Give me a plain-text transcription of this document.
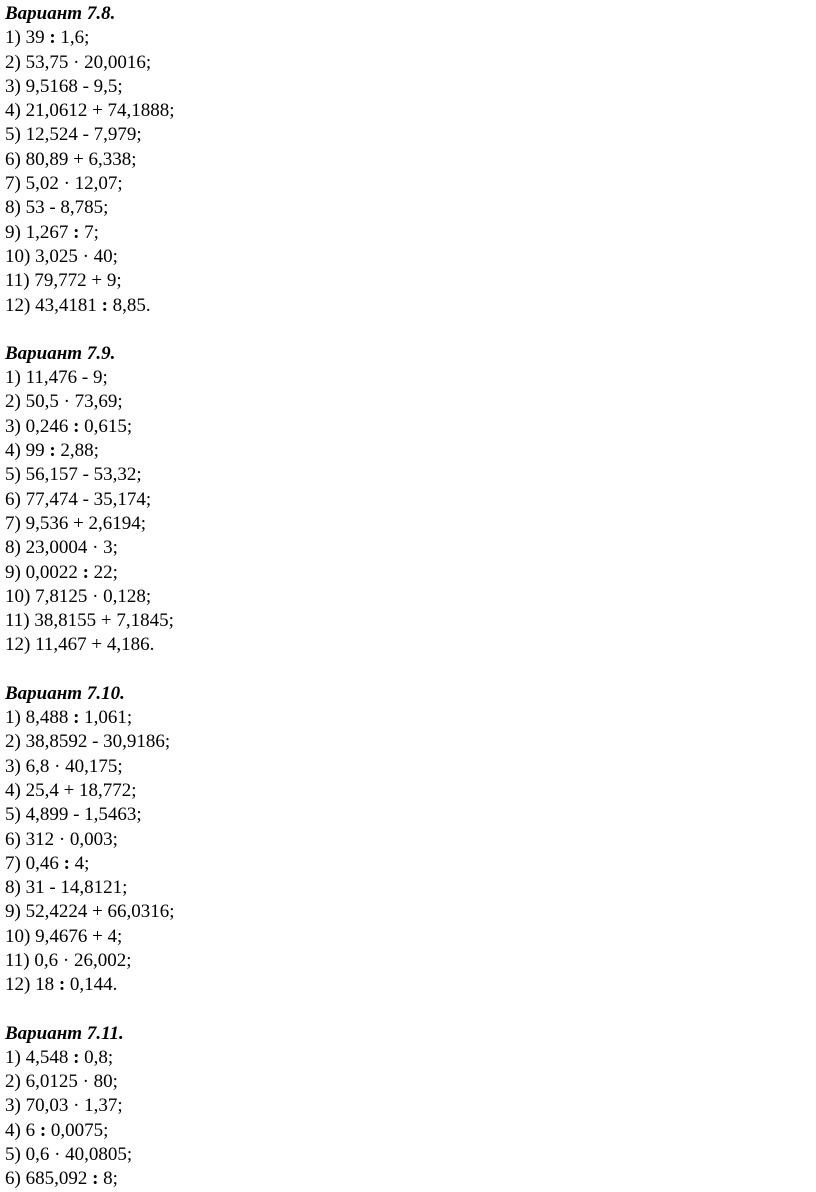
Вариант 7.8.
1) 39 : 1,6;
2) 53,75 · 20,0016;
3) 9,5168 - 9,5;
4) 21,0612 + 74,1888;
5) 12,524 - 7,979;
6) 80,89 + 6,338;
7) 5,02 · 12,07;
8) 53 - 8,785;
9) 1,267 : 7;
10) 3,025 · 40;
11) 79,772 + 9;
12) 43,4181 : 8,85.
Вариант 7.9.
1) 11,476 - 9;
2) 50,5 · 73,69;
3) 0,246 : 0,615;
4) 99 : 2,88;
5) 56,157 - 53,32;
6) 77,474 - 35,174;
7) 9,536 + 2,6194;
8) 23,0004 · 3;
9) 0,0022 : 22;
10) 7,8125 · 0,128;
11) 38,8155 + 7,1845;
12) 11,467 + 4,186.
Вариант 7.10.
1) 8,488 : 1,061;
2) 38,8592 - 30,9186;
3) 6,8 · 40,175;
4) 25,4 + 18,772;
5) 4,899 - 1,5463;
6) 312 · 0,003;
7) 0,46 : 4;
8) 31 - 14,8121;
9) 52,4224 + 66,0316;
10) 9,4676 + 4;
11) 0,6 · 26,002;
12) 18 : 0,144.
Вариант 7.11.
1) 4,548 : 0,8;
2) 6,0125 · 80;
3) 70,03 · 1,37;
4) 6 : 0,0075;
5) 0,6 · 40,0805;
6) 685,092 : 8;
